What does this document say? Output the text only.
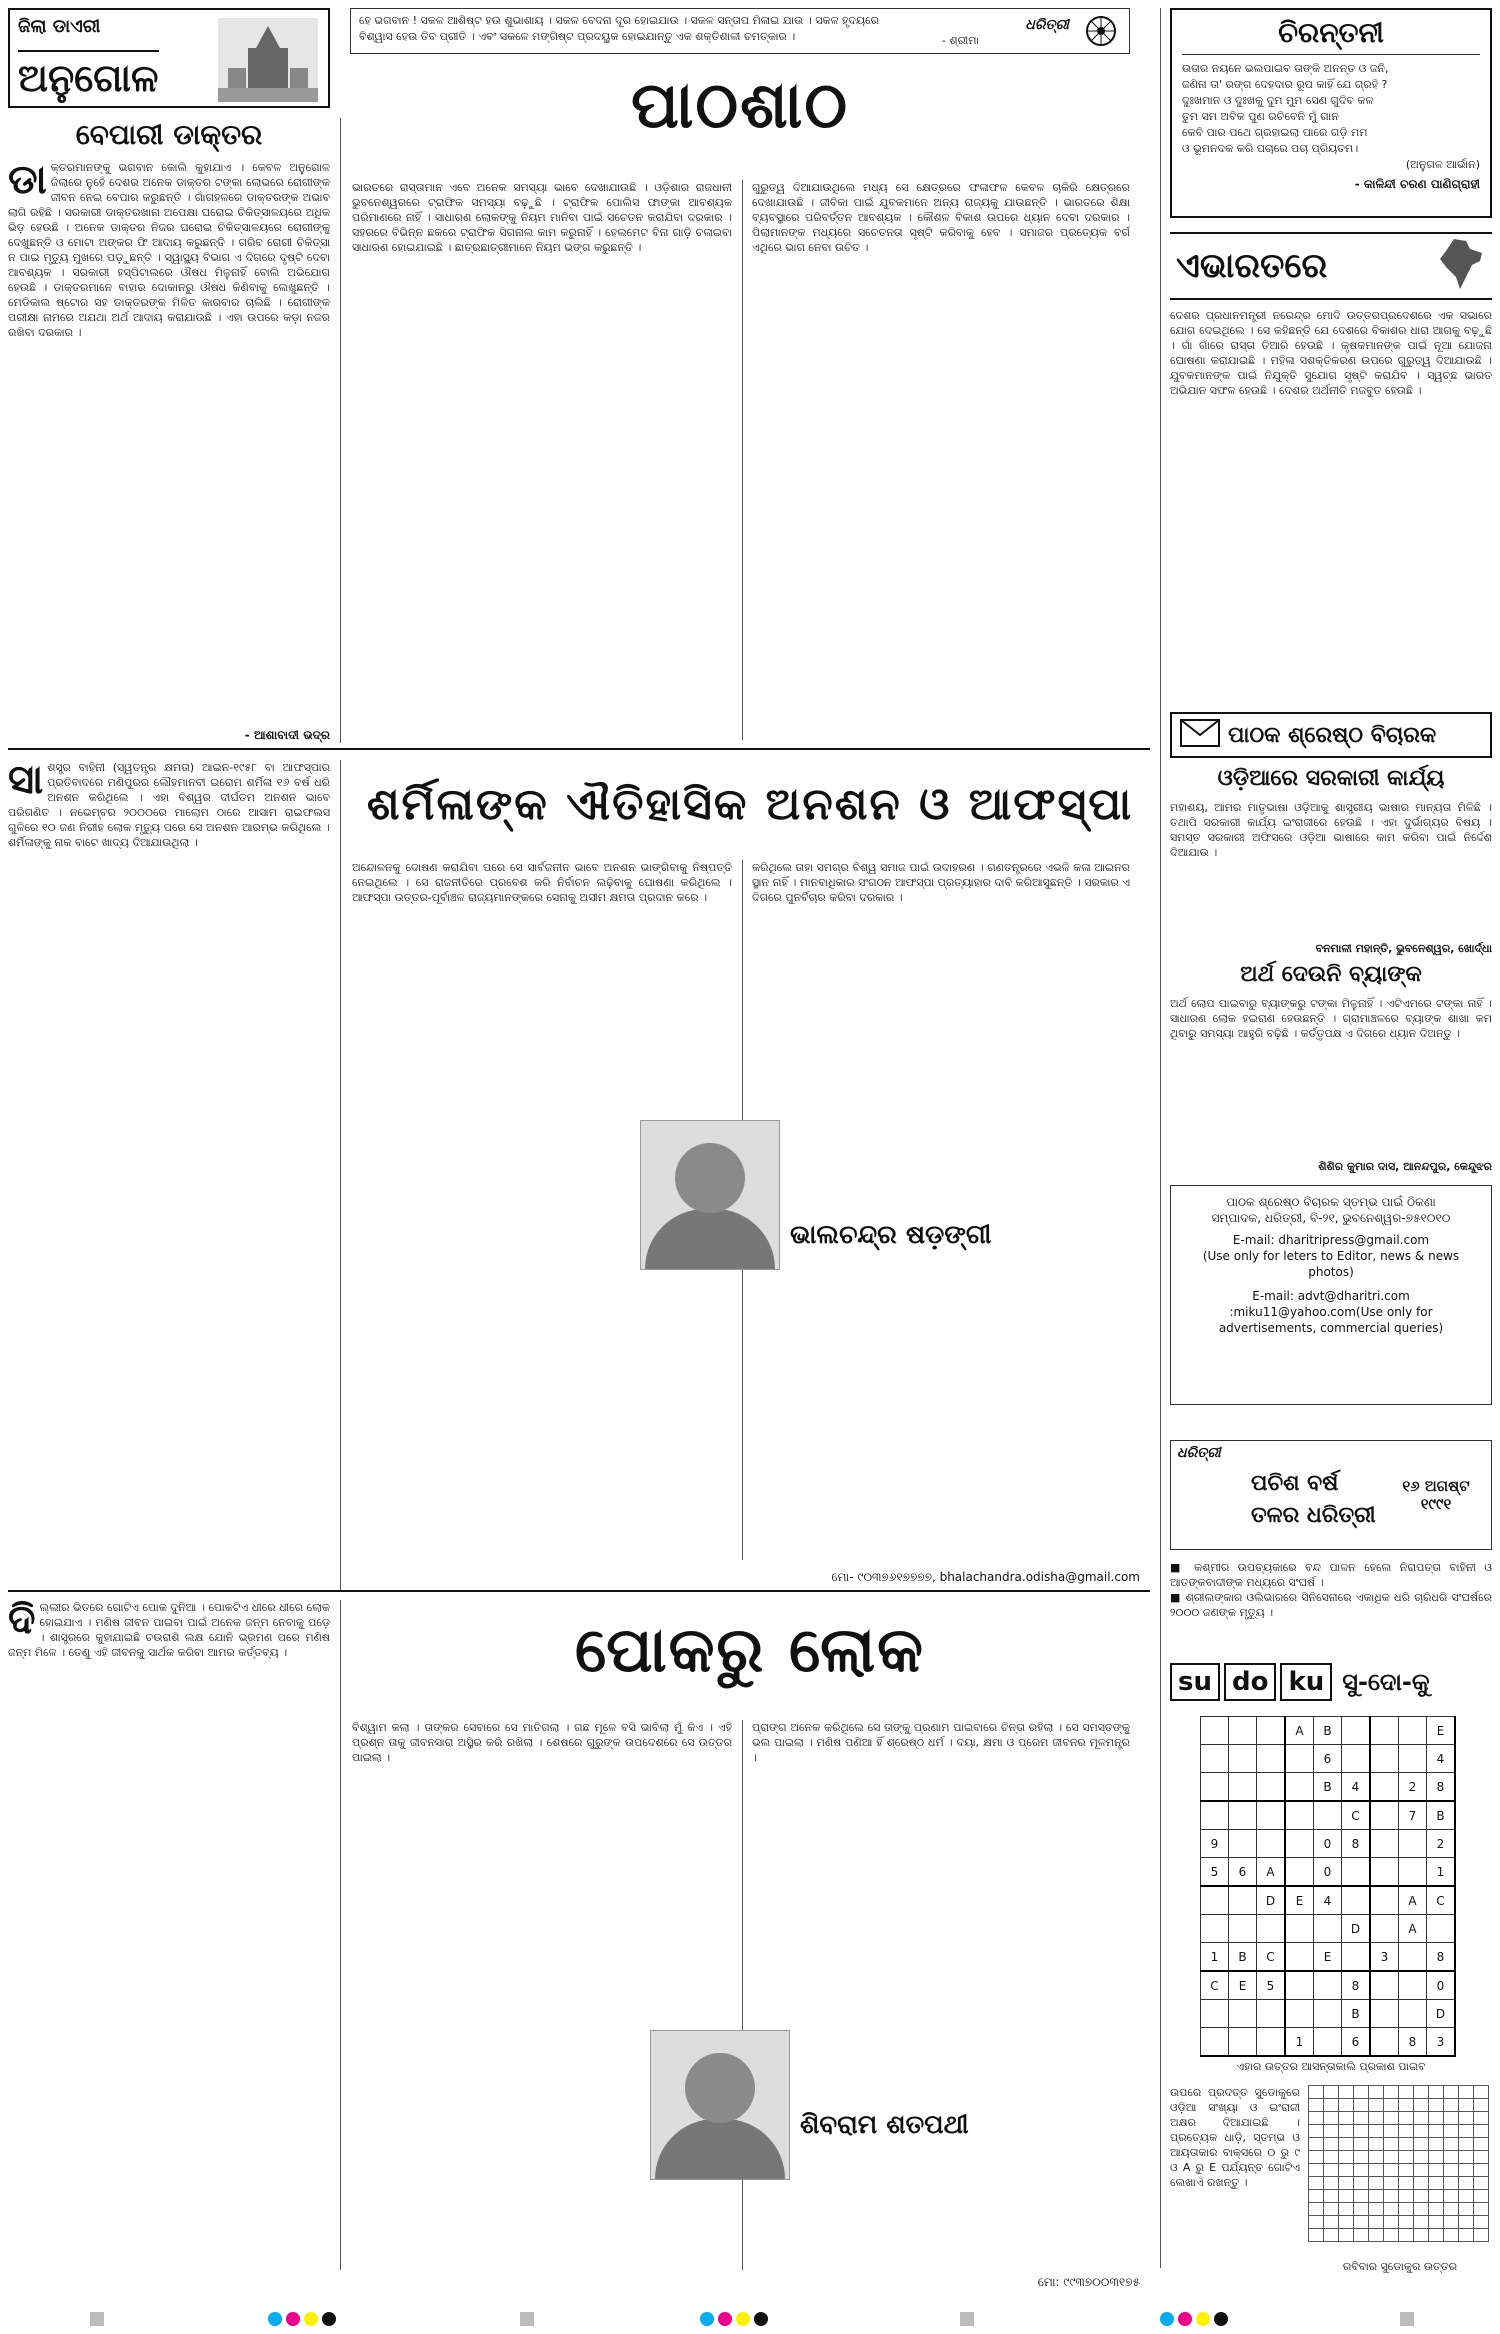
ଜିଲା ଡାଏରୀ
ଅନୁଗୋଳ
ହେ ଭଗବାନ ! ସକଳ ଆଶିଷ୍ଟ ହଉ ଶୁଭାଶାୟ । ସକଳ ବେଦନା ଦୂର ହୋଇଯାଉ । ସକଳ ସନ୍ତାପ ମିଳାଇ ଯାଉ । ସକଳ ହୃଦୟରେ
ବିଶ୍ୱାସ ହେଉ ତିବ ପ୍ରୀତି । ଏବଂ ସକଳେ ମଙ୍ଗିଷ୍ଟ ପ୍ରଦୟୁକ ହୋଇଯାନ୍ତୁ ଏକ ଶକ୍ତିଶାଳୀ ଚମତ୍କାର ।	- ଶ୍ରୀମା
ଧରିତ୍ରୀ
ପାଠଶାଠ
ଚିରନ୍ତନୀ
ଉତାର ନୟନେ ଭଲପାଇବ ତାଙ୍କି ଅନନ୍ତ ଓ ଜନିି,
ଜଣିନା ତା' ରଙ୍ଗ ଦେହଦାର ରୂପ କାହିଁ ଯେ ଗ୍ରହି ?
ଦୁଃଖମାନ ଓ ଦୁଃଖକୁ ଦୁମ ମୁମ ସେଣ ଗୁଦିବ କଳ
ତୁମ ସମ ଅବିକ ପୁଣ ରଚିବେନି ମୁଁ ଗାନ
କେବି ପାର ପଥେ ଗ୍ରହାଇଲା ପାରେ ଗଡ଼ି ମମ
ଓ ଭୂମନଦକ କରି ପଚାରେ ପଚା ପ୍ରିୟତମ।
(ଅନୁଗଳ ଆର୍ଭାନ)
- କାଳିନ୍ଦୀ ଚରଣ ପାଣିଗ୍ରାହୀ
ବେପାରୀ ଡାକ୍ତର
ଡା କ୍ତରମାନଙ୍କୁ ଭଗବାନ କୋଲି କୁହାଯାଏ । କେବଳ ଅନୁଗୋଳ ଜିଲାରେ ନୁହେଁ ଦେଶର ଅନେକ ଡାକ୍ତର ଟଙ୍କା ଲୋଭରେ ରୋଗୀଙ୍କ ଜୀବନ ନେଇ ବେପାର କରୁଛନ୍ତି । ଗାଁଗହଳରେ ଡାକ୍ତରଙ୍କ ଅଭାବ ଲାଗି ରହିଛି । ସରକାରୀ ଡାକ୍ତରଖାନା ଅପେକ୍ଷା ଘରୋଇ ଚିକିତ୍ସାଳୟରେ ଅଧିକ ଭିଡ଼ ହେଉଛି । ଅନେକ ଡାକ୍ତର ନିଜର ଘରୋଇ ଚିକିତ୍ସାଳୟରେ ରୋଗୀଙ୍କୁ ଦେଖୁଛନ୍ତି ଓ ମୋଟା ଅଙ୍କର ଫି ଆଦାୟ କରୁଛନ୍ତି । ଗରିବ ରୋଗୀ ଚିକିତ୍ସା ନ ପାଇ ମୃତ୍ୟୁ ମୁଖରେ ପଡ଼ୁଛନ୍ତି । ସ୍ୱାସ୍ଥ୍ୟ ବିଭାଗ ଏ ଦିଗରେ ଦୃଷ୍ଟି ଦେବା ଆବଶ୍ୟକ । ସରକାରୀ ହସ୍ପିଟାଲରେ ଔଷଧ ମିଳୁନାହିଁ ବୋଲି ଅଭିଯୋଗ ହେଉଛି । ଡାକ୍ତରମାନେ ବାହାର ଦୋକାନରୁ ଔଷଧ କିଣିବାକୁ ଲେଖୁଛନ୍ତି । ମେଡିକାଲ ଷ୍ଟୋର ସହ ଡାକ୍ତରଙ୍କ ମିଳିତ କାରବାର ଚାଲିଛି । ରୋଗୀଙ୍କ ପରୀକ୍ଷା ନାମରେ ଅଯଥା ଅର୍ଥ ଆଦାୟ କରାଯାଉଛି । ଏହା ଉପରେ କଡ଼ା ନଜର ରଖିବା ଦରକାର ।
- ଆଶାବାଦୀ ଭଦ୍ର
ଭାରତରେ ରାସ୍ତାମାନ ଏବେ ଅନେକ ସମସ୍ୟା ଭାବେ ଦେଖାଯାଉଛି । ଓଡ଼ିଶାର ରାଜଧାନୀ ଭୁବନେଶ୍ୱରରେ ଟ୍ରାଫିକ ସମସ୍ୟା ବଢ଼ୁଛି । ଟ୍ରାଫିକ ପୋଲିସ ଫାଙ୍କା ଆବଶ୍ୟକ ପରିମାଣରେ ନାହିଁ । ସାଧାରଣ ଲୋକଙ୍କୁ ନିୟମ ମାନିବା ପାଇଁ ସଚେତନ କରାଯିବା ଦରକାର । ସହରରେ ବିଭିନ୍ନ ଛକରେ ଟ୍ରାଫିକ ସିଗନାଲ କାମ କରୁନାହିଁ । ହେଲମେଟ ବିନା ଗାଡ଼ି ଚଳାଇବା ସାଧାରଣ ହୋଇଯାଇଛି । ଛାତ୍ରଛାତ୍ରୀମାନେ ନିୟମ ଭଙ୍ଗ କରୁଛନ୍ତି ।
ଗୁରୁତ୍ୱ ଦିଆଯାଉଥିଲେ ମଧ୍ୟ ସେ କ୍ଷେତ୍ରରେ ଫଳାଫଳ କେବଳ ଚାକିରି କ୍ଷେତ୍ରରେ ଦେଖାଯାଉଛି । ଜୀବିକା ପାଇଁ ଯୁବକମାନେ ଅନ୍ୟ ରାଜ୍ୟକୁ ଯାଉଛନ୍ତି । ଭାରତରେ ଶିକ୍ଷା ବ୍ୟବସ୍ଥାରେ ପରିବର୍ତ୍ତନ ଆବଶ୍ୟକ । କୌଶଳ ବିକାଶ ଉପରେ ଧ୍ୟାନ ଦେବା ଦରକାର । ପିଲାମାନଙ୍କ ମଧ୍ୟରେ ସଚେତନତା ସୃଷ୍ଟି କରିବାକୁ ହେବ । ସମାଜର ପ୍ରତ୍ୟେକ ବର୍ଗ ଏଥିରେ ଭାଗ ନେବା ଉଚିତ ।	ଏଭାରତରେ
ଦେଶର ପ୍ରଧାନମନ୍ତ୍ରୀ ନରେନ୍ଦ୍ର ମୋଦି ଉତ୍ତରପ୍ରଦେଶରେ ଏକ ସଭାରେ ଯୋଗ ଦେଇଥିଲେ । ସେ କହିଛନ୍ତି ଯେ ଦେଶରେ ବିକାଶର ଧାରା ଆଗକୁ ବଢ଼ୁଛି । ଗାଁ ଗାଁରେ ରାସ୍ତା ତିଆରି ହେଉଛି । କୃଷକମାନଙ୍କ ପାଇଁ ନୂଆ ଯୋଜନା ଘୋଷଣା କରାଯାଇଛି । ମହିଳା ସଶକ୍ତିକରଣ ଉପରେ ଗୁରୁତ୍ୱ ଦିଆଯାଉଛି । ଯୁବକମାନଙ୍କ ପାଇଁ ନିଯୁକ୍ତି ସୁଯୋଗ ସୃଷ୍ଟି କରାଯିବ । ସ୍ୱଚ୍ଛ ଭାରତ ଅଭିଯାନ ସଫଳ ହେଉଛି । ଦେଶର ଅର୍ଥନୀତି ମଜବୁତ ହେଉଛି ।
ସା ଶସ୍ତ୍ର ବାହିନୀ (ସ୍ୱତନ୍ତ୍ର କ୍ଷମତା) ଆଇନ-୧୯୫୮ ବା ଆଫସ୍ପାର ପ୍ରତିବାଦରେ ମଣିପୁରର ଲୌହମାନବୀ ଇରୋମ ଶର୍ମିଳା ୧୬ ବର୍ଷ ଧରି ଅନଶନ କରିଥିଲେ । ଏହା ବିଶ୍ୱର ଦୀର୍ଘତମ ଅନଶନ ଭାବେ ପରିଗଣିତ । ନଭେମ୍ବର ୨୦୦୦ରେ ମାଲୋମ ଠାରେ ଆସାମ ରାଇଫଲସ ଗୁଳିରେ ୧୦ ଜଣ ନିରୀହ ଲୋକ ମୃତ୍ୟୁ ପରେ ସେ ଅନଶନ ଆରମ୍ଭ କରିଥିଲେ । ଶର୍ମିଳାଙ୍କୁ ନାକ ବାଟେ ଖାଦ୍ୟ ଦିଆଯାଉଥିଲା ।
ଶର୍ମିଳାଙ୍କ ଐତିହାସିକ ଅନଶନ ଓ ଆଫସ୍ପା
ଅନ୍ଦୋଳନକୁ ଦୋଷଣ କରାଯିବା ପରେ ସେ ସାର୍ବଜନୀନ ଭାବେ ଅନଶନ ଭାଙ୍ଗିବାକୁ ନିଷ୍ପତ୍ତି ନେଇଥିଲେ । ସେ ରାଜନୀତିରେ ପ୍ରବେଶ କରି ନିର୍ବାଚନ ଲଢ଼ିବାକୁ ଘୋଷଣା କରିଥିଲେ । ଆଫସ୍ପା ଉତ୍ତର-ପୂର୍ବାଞ୍ଚଳ ରାଜ୍ୟମାନଙ୍କରେ ସେନାକୁ ଅସୀମ କ୍ଷମତା ପ୍ରଦାନ କରେ ।
କରିଥିଲେ ତାହା ସମଗ୍ର ବିଶ୍ୱ ସମାଜ ପାଇଁ ଉଦାହରଣ । ଗଣତନ୍ତ୍ରରେ ଏଭଳି କଳା ଆଇନର ସ୍ଥାନ ନାହିଁ । ମାନବାଧିକାର ସଂଗଠନ ଆଫସ୍ପା ପ୍ରତ୍ୟାହାର ଦାବି କରିଆସୁଛନ୍ତି । ସରକାର ଏ ଦିଗରେ ପୁନର୍ବିଚାର କରିବା ଦରକାର ।
ଭାଲଚନ୍ଦ୍ର ଷଡ଼ଙ୍ଗୀ
ମୋ- ୯୦୩୭୬୧୭୭୭୭, bhalachandra.odisha@gmail.com
ପାଠକ ଶ୍ରେଷ୍ଠ ବିଚାରକ
ଓଡ଼ିଆରେ ସରକାରୀ କାର୍ଯ୍ୟ
ମହାଶୟ, ଆମର ମାତୃଭାଷା ଓଡ଼ିଆକୁ ଶାସ୍ତ୍ରୀୟ ଭାଷାର ମାନ୍ୟତା ମିଳିଛି । ତଥାପି ସରକାରୀ କାର୍ଯ୍ୟ ଇଂରାଜୀରେ ହେଉଛି । ଏହା ଦୁର୍ଭାଗ୍ୟର ବିଷୟ । ସମସ୍ତ ସରକାରୀ ଅଫିସରେ ଓଡ଼ିଆ ଭାଷାରେ କାମ କରିବା ପାଇଁ ନିର୍ଦ୍ଦେଶ ଦିଆଯାଉ ।
ବନମାଳୀ ମହାନ୍ତି, ଭୁବନେଶ୍ୱର, ଖୋର୍ଦ୍ଧା
ଅର୍ଥ ଦେଉନି ବ୍ୟାଙ୍କ
ଅର୍ଥ ଲୋପ ପାଇବାରୁ ବ୍ୟାଙ୍କରୁ ଟଙ୍କା ମିଳୁନାହିଁ । ଏଟିଏମରେ ଟଙ୍କା ନାହିଁ । ସାଧାରଣ ଲୋକ ହଇରାଣ ହେଉଛନ୍ତି । ଗ୍ରାମାଞ୍ଚଳରେ ବ୍ୟାଙ୍କ ଶାଖା କମ ଥିବାରୁ ସମସ୍ୟା ଆହୁରି ବଢ଼ିଛି । କର୍ତ୍ତୃପକ୍ଷ ଏ ଦିଗରେ ଧ୍ୟାନ ଦିଅନ୍ତୁ ।
ଶିଶିର କୁମାର ଦାସ, ଆନନ୍ଦପୁର, କେନ୍ଦୁଝର
ପାଠକ ଶ୍ରେଷ୍ଠ ବିଚାରକ ସ୍ତମ୍ଭ ପାଇଁ ଠିକଣା
ସମ୍ପାଦକ, ଧରିତ୍ରୀ, ବି-୨୧, ଭୁବନେଶ୍ୱର-୭୫୧୦୧୦
E-mail: dharitripress@gmail.com
(Use only for leters to Editor, news & news photos)
E-mail: advt@dharitri.com
:miku11@yahoo.com(Use only for advertisements, commercial queries)
ଧରିତ୍ରୀ
ପଚିଶ ବର୍ଷ
ତଳର ଧରିତ୍ରୀ
୧୬ ଅଗଷ୍ଟ ୧୯୯୧
■ କଶ୍ମୀର ଉପତ୍ୟକାରେ ବନ୍ଦ ପାଳନ ହେଲେ ନିରାପତ୍ତା ବାହିନୀ ଓ ଆତଙ୍କବାଦୀଙ୍କ ମଧ୍ୟରେ ସଂଘର୍ଷ ।
■ ଶ୍ରୀଲଙ୍କାର ଓଲିଭାରରେ ସିନିସେନାରେ ଏକାଧିକ ଧରି ଚାରିଧରି ସଂଘର୍ଷରେ ୨୦୦୦ ଜଣଙ୍କ ମୃତ୍ୟୁ ।
ଦି ଲ୍ଲୀର ଭିତରେ ଗୋଟିଏ ପୋକ ଦୁନିଆ । ପୋକଟିଏ ଧୀରେ ଧୀରେ ଲୋକ ହୋଇଯାଏ । ମଣିଷ ଜୀବନ ପାଇବା ପାଇଁ ଅନେକ ଜନ୍ମ ନେବାକୁ ପଡ଼େ । ଶାସ୍ତ୍ରରେ କୁହାଯାଇଛି ଚଉରାଶି ଲକ୍ଷ ଯୋନି ଭ୍ରମଣ ପରେ ମଣିଷ ଜନ୍ମ ମିଳେ । ତେଣୁ ଏହି ଜୀବନକୁ ସାର୍ଥକ କରିବା ଆମର କର୍ତ୍ତବ୍ୟ ।	ପୋକରୁ ଲୋକ
ବିଶ୍ୱାମ କଲା । ତାଙ୍କର ସେବାରେ ସେ ମାତିଗଲା । ଗଛ ମୂଳେ ବସି ଭାବିଲା ମୁଁ କିଏ । ଏହି ପ୍ରଶ୍ନ ତାକୁ ଜୀବନସାରା ଅସ୍ଥିର କରି ରଖିଲା । ଶେଷରେ ଗୁରୁଙ୍କ ଉପଦେଶରେ ସେ ଉତ୍ତର ପାଇଲା ।
ପ୍ରାଙ୍ଗ ଅନେକ କରିଥିଲେ ସେ ତାଙ୍କୁ ପ୍ରଣାମ ପାଇବାରେ ଚିନ୍ତା ରହିଲା । ସେ ସମସ୍ତଙ୍କୁ ଭଲ ପାଇଲା । ମଣିଷ ପଣିଆ ହିଁ ଶ୍ରେଷ୍ଠ ଧର୍ମ । ଦୟା, କ୍ଷମା ଓ ପ୍ରେମ ଜୀବନର ମୂଳମନ୍ତ୍ର ।
ଶିବରାମ ଶତପଥୀ
ମୋ: ୯୯୩୭୦୦୩୧୭୫
su do ku ସୁ-ଦୋ-କୁ
			A	B				E
				6				4
				B	4		2	8
					C		7	B
9				0	8			2
5	6	A		0				1
		D	E	4			A	C
					D		A	
1	B	C		E		3		8
C	E	5			8			0
					B			D
			1		6		8	3
ଏହାର ଉତ୍ତର ଆସନ୍ତାକାଲି ପ୍ରକାଶ ପାଇବ
ଉପରେ ପ୍ରଦତ୍ତ ସୁଡୋକୁରେ ଓଡ଼ିଆ ସଂଖ୍ୟା ଓ ଇଂରାଜୀ ଅକ୍ଷର ଦିଆଯାଇଛି । ପ୍ରତ୍ୟେକ ଧାଡ଼ି, ସ୍ତମ୍ଭ ଓ ଆୟତାକାର ବାକ୍ସରେ ୦ ରୁ ୯ ଓ A ରୁ E ପର୍ଯ୍ୟନ୍ତ ଗୋଟିଏ ଲେଖାଏଁ ରଖନ୍ତୁ ।

ରବିବାର ସୁଡୋକୁର ଉତ୍ତର
